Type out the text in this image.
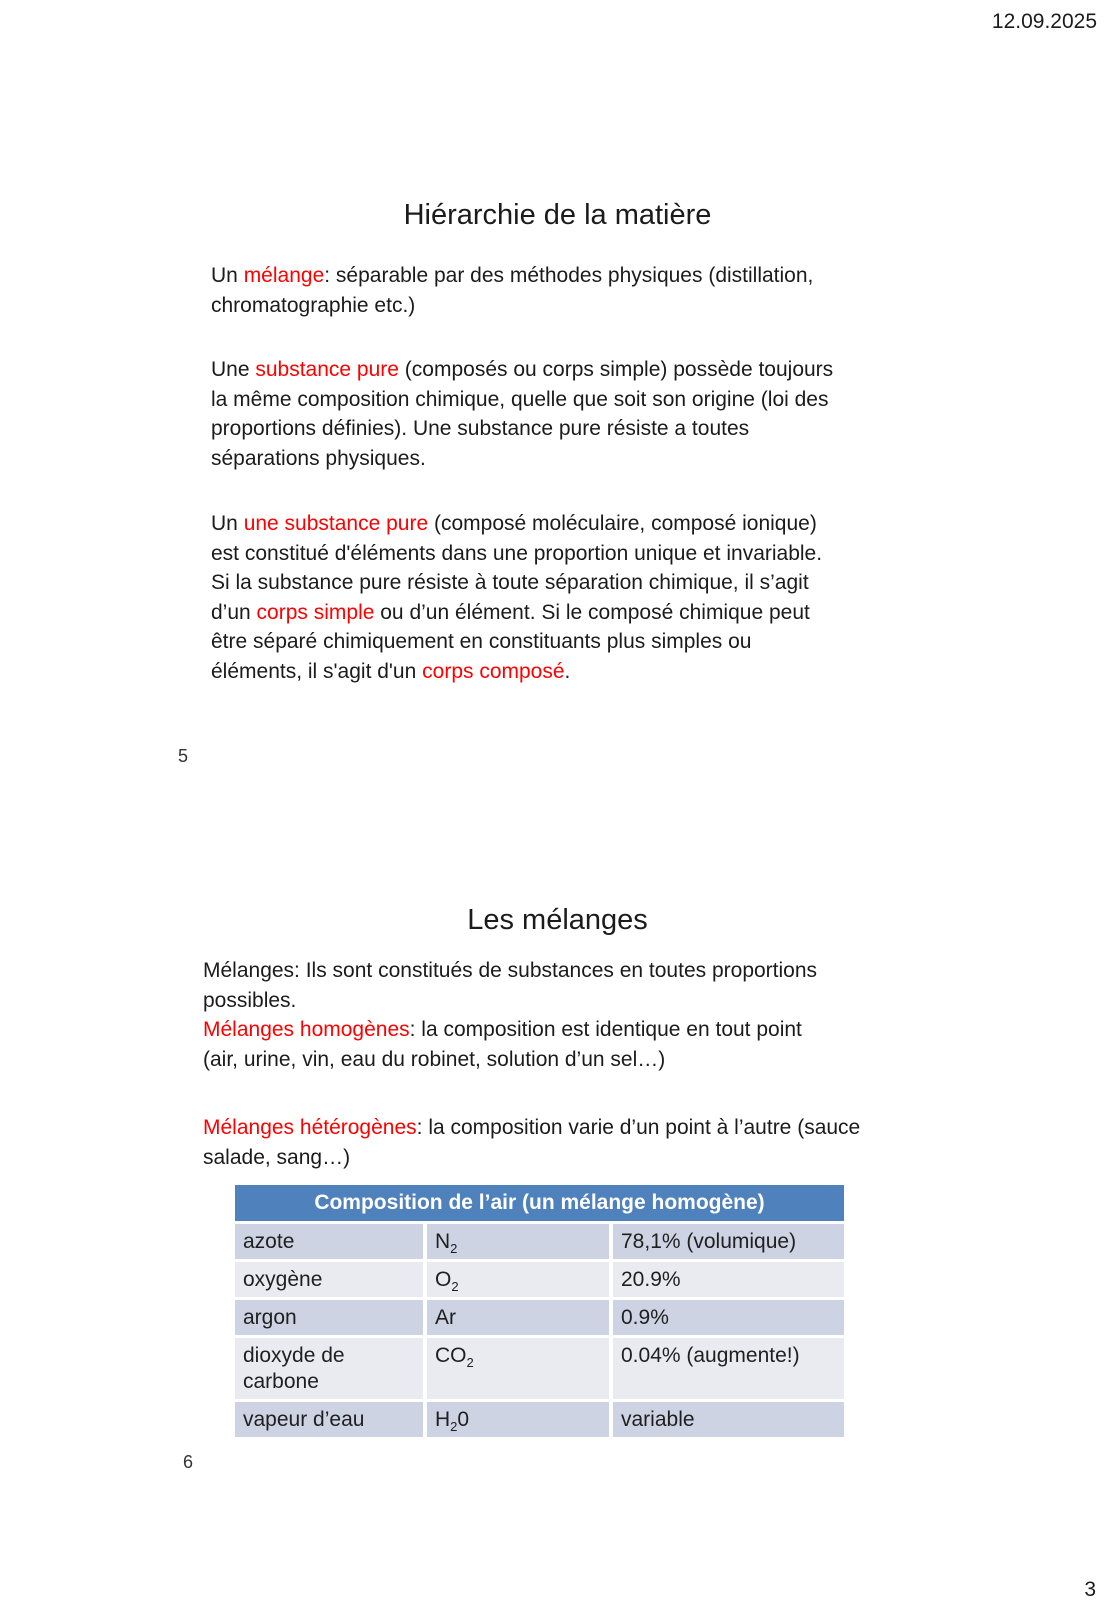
12.09.2025
Hiérarchie de la matière

Un mélange: séparable par des méthodes physiques (distillation,
chromatographie etc.)

Une substance pure (composés ou corps simple) possède toujours
la même composition chimique, quelle que soit son origine (loi des
proportions définies). Une substance pure résiste a toutes
séparations physiques.

Un une substance pure (composé moléculaire, composé ionique)
est constitué d'éléments dans une proportion unique et invariable.
Si la substance pure résiste à toute séparation chimique, il s’agit
d’un corps simple ou d’un élément. Si le composé chimique peut
être séparé chimiquement en constituants plus simples ou
éléments, il s'agit d'un corps composé.

5
Les mélanges

Mélanges: Ils sont constitués de substances en toutes proportions
possibles.
Mélanges homogènes: la composition est identique en tout point
(air, urine, vin, eau du robinet, solution d’un sel…)

Mélanges hétérogènes: la composition varie d’un point à l’autre (sauce
salade, sang…)

Composition de l’air (un mélange homogène)		
azote	$N_2$	78,1% (volumique)
oxygène	$O_2$	20.9%
argon	Ar	0.9%
dioxyde de carbone	$CO_2$	0.04% (augmente!)
vapeur d’eau	$H_20$	variable
6
3
